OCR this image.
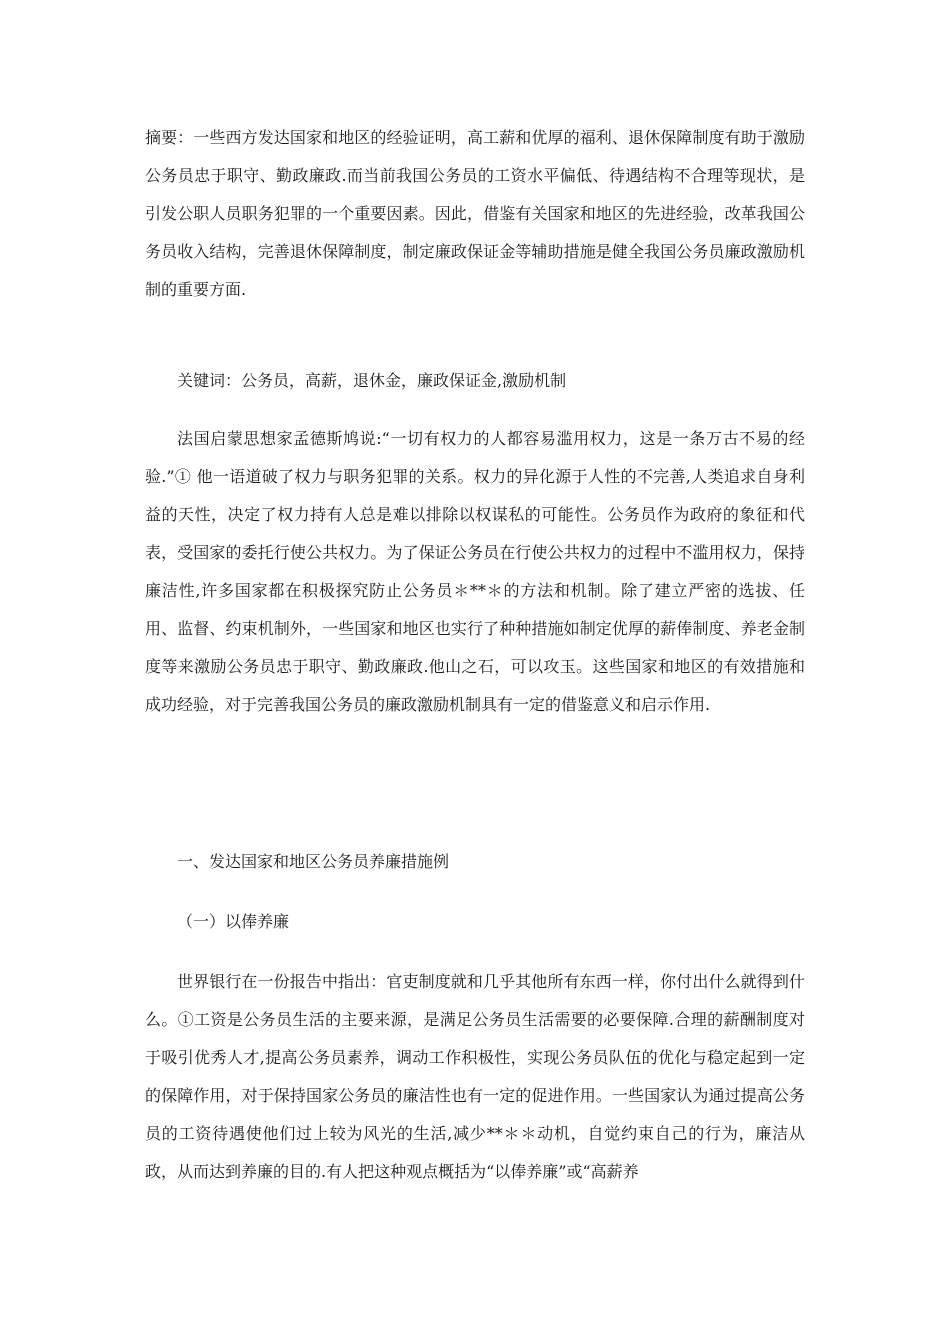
摘要：一些西方发达国家和地区的经验证明，高工薪和优厚的福利、退休保障制度有助于激励公务员忠于职守、勤政廉政.而当前我国公务员的工资水平偏低、待遇结构不合理等现状，是引发公职人员职务犯罪的一个重要因素。因此，借鉴有关国家和地区的先进经验，改革我国公务员收入结构，完善退休保障制度，制定廉政保证金等辅助措施是健全我国公务员廉政激励机制的重要方面.

关键词：公务员，高薪，退休金，廉政保证金,激励机制

法国启蒙思想家孟德斯鸠说:“一切有权力的人都容易滥用权力，这是一条万古不易的经验.”① 他一语道破了权力与职务犯罪的关系。权力的异化源于人性的不完善,人类追求自身利益的天性，决定了权力持有人总是难以排除以权谋私的可能性。公务员作为政府的象征和代表，受国家的委托行使公共权力。为了保证公务员在行使公共权力的过程中不滥用权力，保持廉洁性,许多国家都在积极探究防止公务员＊**＊的方法和机制。除了建立严密的选拔、任用、监督、约束机制外，一些国家和地区也实行了种种措施如制定优厚的薪俸制度、养老金制度等来激励公务员忠于职守、勤政廉政.他山之石，可以攻玉。这些国家和地区的有效措施和成功经验，对于完善我国公务员的廉政激励机制具有一定的借鉴意义和启示作用.

一、发达国家和地区公务员养廉措施例

（一）以俸养廉

世界银行在一份报告中指出：官吏制度就和几乎其他所有东西一样，你付出什么就得到什么。①工资是公务员生活的主要来源，是满足公务员生活需要的必要保障.合理的薪酬制度对于吸引优秀人才,提高公务员素养，调动工作积极性，实现公务员队伍的优化与稳定起到一定的保障作用，对于保持国家公务员的廉洁性也有一定的促进作用。一些国家认为通过提高公务员的工资待遇使他们过上较为风光的生活,减少**＊＊动机，自觉约束自己的行为，廉洁从政，从而达到养廉的目的.有人把这种观点概括为“以俸养廉”或“高薪养
